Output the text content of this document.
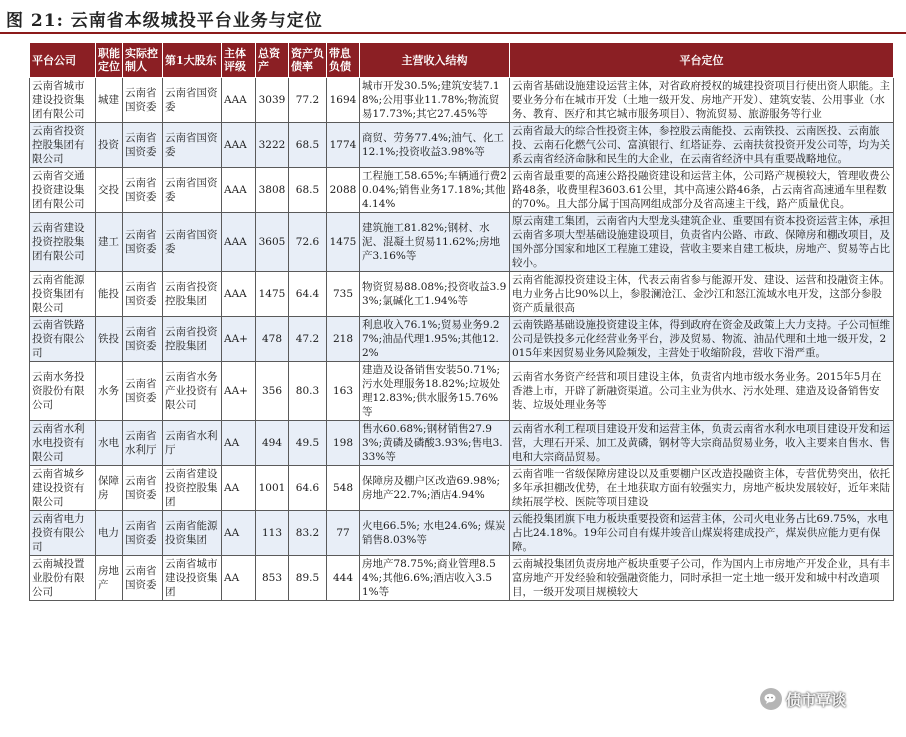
图 21: 云南省本级城投平台业务与定位
平台公司	职能定位	实际控制人	第1大股东	主体评级	总资产	资产负债率	带息负债	主营收入结构	平台定位
云南省城市建设投资集团有限公司	城建	云南省国资委	云南省国资委	AAA	3039	77.2	1694	城市开发30.5%;建筑安装7.18%;公用事业11.78%;物流贸易17.73%;其它27.45%等	云南省基础设施建设运营主体，对省政府授权的城建投资项目行使出资人职能。主要业务分布在城市开发（土地一级开发、房地产开发）、建筑安装、公用事业（水务、教育、医疗和其它城市服务项目）、物流贸易、旅游服务等行业
云南省投资控股集团有限公司	投资	云南省国资委	云南省国资委	AAA	3222	68.5	1774	商贸、劳务77.4%;油气、化工12.1%;投资收益3.98%等	云南省最大的综合性投资主体，参控股云南能投、云南铁投、云南医投、云南旅投、云南石化燃气公司、富滇银行、红塔证券、云南扶贫投资开发公司等，均为关系云南省经济命脉和民生的大企业，在云南省经济中具有重要战略地位。
云南省交通投资建设集团有限公司	交投	云南省国资委	云南省国资委	AAA	3808	68.5	2088	工程施工58.65%;车辆通行费20.04%;销售业务17.18%;其他4.14%	云南省最重要的高速公路投融资建设和运营主体，公司路产规模较大，管理收费公路48条，收费里程3603.61公里，其中高速公路46条，占云南省高速通车里程数的70%。且大部分属于国高网组成部分及省高速主干线，路产质量优良。
云南省建设投资控股集团有限公司	建工	云南省国资委	云南省国资委	AAA	3605	72.6	1475	建筑施工81.82%;钢材、水泥、混凝土贸易11.62%;房地产3.16%等	原云南建工集团，云南省内大型龙头建筑企业、重要国有资本投资运营主体，承担云南省多项大型基础设施建设项目，负责省内公路、市政、保障房和棚改项目，及国外部分国家和地区工程施工建设，营收主要来自建工板块，房地产、贸易等占比较小。
云南省能源投资集团有限公司	能投	云南省国资委	云南省投资控股集团	AAA	1475	64.4	735	物资贸易88.08%;投资收益3.93%;氯碱化工1.94%等	云南省能源投资建设主体，代表云南省参与能源开发、建设、运营和投融资主体。电力业务占比90%以上，参股澜沧江、金沙江和怒江流域水电开发，这部分参股资产质量很高
云南省铁路投资有限公司	铁投	云南省国资委	云南省投资控股集团	AA+	478	47.2	218	利息收入76.1%;贸易业务9.27%;油品代理1.95%;其他12.2%	云南铁路基础设施投资建设主体，得到政府在资金及政策上大力支持。子公司恒维公司是铁投多元化经营业务平台，涉及贸易、物流、油品代理和土地一级开发，2015年来因贸易业务风险频发，主营处于收缩阶段，营收下滑严重。
云南水务投资股份有限公司	水务	云南省国资委	云南省水务产业投资有限公司	AA+	356	80.3	163	建造及设备销售安装50.71%; 污水处理服务18.82%;垃圾处理12.83%;供水服务15.76%等	云南省水务资产经营和项目建设主体，负责省内地市级水务业务。2015年5月在香港上市，开辟了新融资渠道。公司主业为供水、污水处理、建造及设备销售安装、垃圾处理业务等
云南省水利水电投资有限公司	水电	云南省水利厅	云南省水利厅	AA	494	49.5	198	售水60.68%;钢材销售27.93%;黄磷及磷酸3.93%;售电3.33%等	云南省水利工程项目建设开发和运营主体，负责云南省水利水电项目建设开发和运营，大理石开采、加工及黄磷，钢材等大宗商品贸易业务，收入主要来自售水、售电和大宗商品贸易。
云南省城乡建设投资有限公司	保障房	云南省国资委	云南省建设投资控股集团	AA	1001	64.6	548	保障房及棚户区改造69.98%;房地产22.7%;酒店4.94%	云南省唯一省级保障房建设以及重要棚户区改造投融资主体，专营优势突出，依托多年承担棚改优势，在土地获取方面有较强实力，房地产板块发展较好，近年来陆续拓展学校、医院等项目建设
云南省电力投资有限公司	电力	云南省国资委	云南省能源投资集团	AA	113	83.2	77	火电66.5%; 水电24.6%; 煤炭销售8.03%等	云能投集团旗下电力板块重要投资和运营主体，公司火电业务占比69.75%，水电占比24.18%。19年公司自有煤井竣音山煤炭将建成投产，煤炭供应能力更有保障。
云南城投置业股份有限公司	房地产	云南省国资委	云南省城市建设投资集团	AA	853	89.5	444	房地产78.75%;商业管理8.54%;其他6.6%;酒店收入3.51%等	云南城投集团负责房地产板块重要子公司，作为国内上市房地产开发企业，具有丰富房地产开发经验和较强融资能力，同时承担一定土地一级开发和城中村改造项目，一级开发项目规模较大
债市覃谈
